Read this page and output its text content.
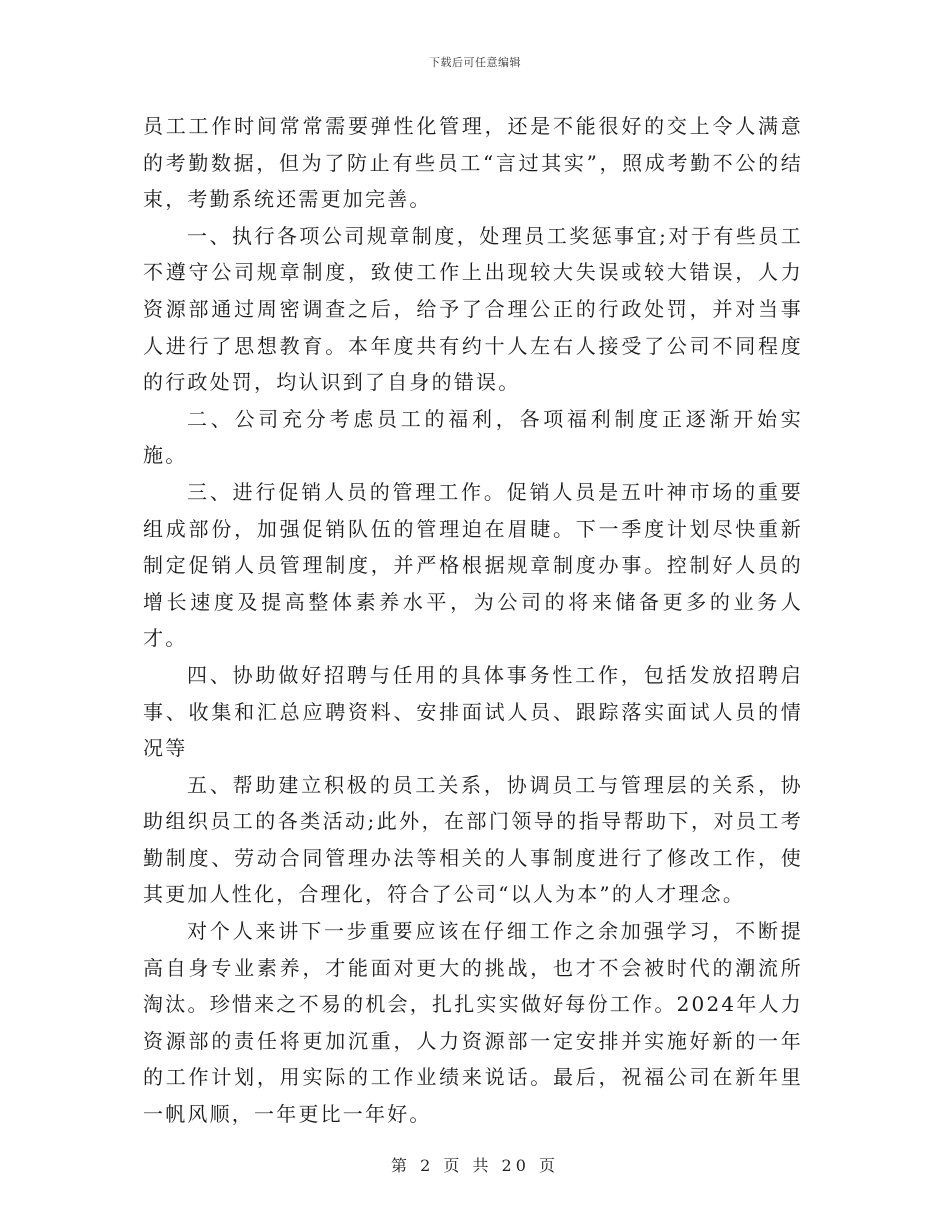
下载后可任意编辑

员工工作时间常常需要弹性化管理，还是不能很好的交上令人满意的考勤数据，但为了防止有些员工“言过其实”，照成考勤不公的结束，考勤系统还需更加完善。

一、执行各项公司规章制度，处理员工奖惩事宜;对于有些员工不遵守公司规章制度，致使工作上出现较大失误或较大错误，人力资源部通过周密调查之后，给予了合理公正的行政处罚，并对当事人进行了思想教育。本年度共有约十人左右人接受了公司不同程度的行政处罚，均认识到了自身的错误。

二、公司充分考虑员工的福利，各项福利制度正逐渐开始实施。

三、进行促销人员的管理工作。促销人员是五叶神市场的重要组成部份，加强促销队伍的管理迫在眉睫。下一季度计划尽快重新制定促销人员管理制度，并严格根据规章制度办事。控制好人员的增长速度及提高整体素养水平，为公司的将来储备更多的业务人才。

四、协助做好招聘与任用的具体事务性工作，包括发放招聘启事、收集和汇总应聘资料、安排面试人员、跟踪落实面试人员的情况等

五、帮助建立积极的员工关系，协调员工与管理层的关系，协助组织员工的各类活动;此外，在部门领导的指导帮助下，对员工考勤制度、劳动合同管理办法等相关的人事制度进行了修改工作，使其更加人性化，合理化，符合了公司“以人为本”的人才理念。

对个人来讲下一步重要应该在仔细工作之余加强学习，不断提高自身专业素养，才能面对更大的挑战，也才不会被时代的潮流所淘汰。珍惜来之不易的机会，扎扎实实做好每份工作。2024年人力资源部的责任将更加沉重，人力资源部一定安排并实施好新的一年的工作计划，用实际的工作业绩来说话。最后，祝福公司在新年里一帆风顺，一年更比一年好。

第 2 页 共 20 页
